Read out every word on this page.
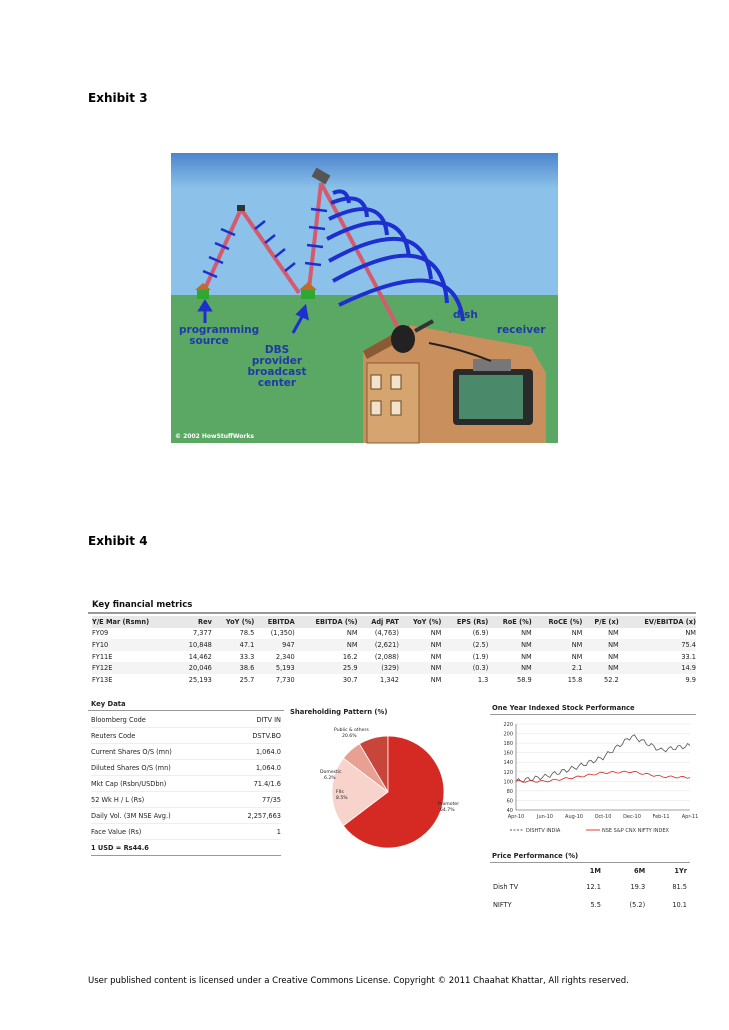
Exhibit 3
programming
source
DBS
provider
broadcast
center
dish
receiver
© 2002 HowStuffWorks
Exhibit 4
Key financial metrics
Y/E Mar (Rsmn)	Rev	YoY (%)	EBITDA	EBITDA (%)	Adj PAT	YoY (%)	EPS (Rs)	RoE (%)	RoCE (%)	P/E (x)	EV/EBITDA (x)
FY09	7,377	78.5	(1,350)	NM	(4,763)	NM	(6.9)	NM	NM	NM	NM
FY10	10,848	47.1	947	NM	(2,621)	NM	(2.5)	NM	NM	NM	75.4
FY11E	14,462	33.3	2,340	16.2	(2,088)	NM	(1.9)	NM	NM	NM	33.1
FY12E	20,046	38.6	5,193	25.9	(329)	NM	(0.3)	NM	2.1	NM	14.9
FY13E	25,193	25.7	7,730	30.7	1,342	NM	1.3	58.9	15.8	52.2	9.9
Key Data
Bloomberg Code	DITV IN
Reuters Code	DSTV.BO
Current Shares O/S (mn)	1,064.0
Diluted Shares O/S (mn)	1,064.0
Mkt Cap (Rsbn/USDbn)	71.4/1.6
52 Wk H / L (Rs)	77/35
Daily Vol. (3M NSE Avg.)	2,257,663
Face Value (Rs)	1
1 USD = Rs44.6
Shareholding Pattern (%)
Public & others
20.6%
Domestic
6.2%
FIIs
8.5%
Promoter
64.7%
One Year Indexed Stock Performance
40
60
80
100
120
140
160
180
200
220
Apr-10	Jun-10 Aug-10 Oct-10 Dec-10 Feb-11 Apr-11
DISHTV INDIA	NSE S&P CNX NIFTY INDEX
Price Performance (%)
	1M	6M	1Yr
Dish TV	12.1	19.3	81.5
NIFTY	5.5	(5.2)	10.1
User published content is licensed under a Creative Commons License. Copyright © 2011 Chaahat Khattar, All rights reserved.
